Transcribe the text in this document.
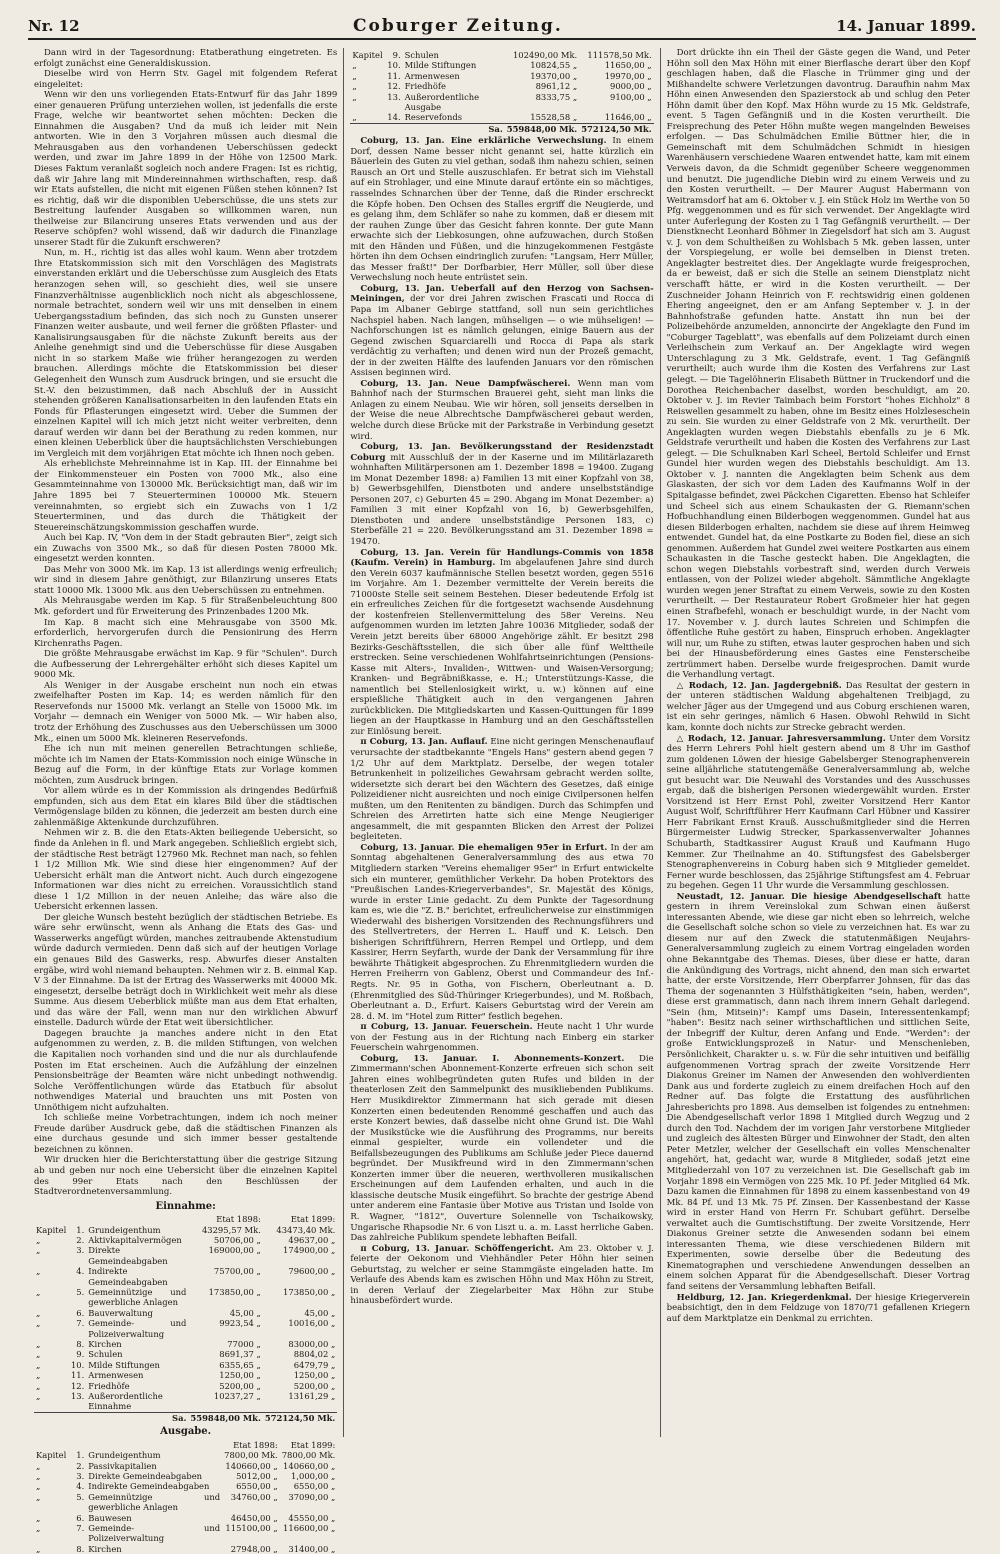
Nr. 12	Coburger Zeitung.	14. Januar 1899.

Dann wird in der Tagesordnung: Etatberathung eingetreten. Es erfolgt zunächst eine Generaldiskussion.

Dieselbe wird von Herrn Stv. Gagel mit folgendem Referat eingeleitet:

Wenn wir den uns vorliegenden Etats-Entwurf für das Jahr 1899 einer genaueren Prüfung unterziehen wollen, ist jedenfalls die erste Frage, welche wir beantwortet sehen möchten: Decken die Einnahmen die Ausgaben? Und da muß ich leider mit Nein antworten. Wie in den 3 Vorjahren müssen auch diesmal die Mehrausgaben aus den vorhandenen Ueberschüssen gedeckt werden, und zwar im Jahre 1899 in der Höhe von 12500 Mark. Dieses Faktum veranlaßt sogleich noch andere Fragen: Ist es richtig, daß wir Jahre lang mit Mindereinnahmen wirthschaften, resp. daß wir Etats aufstellen, die nicht mit eigenen Füßen stehen können? Ist es richtig, daß wir die disponiblen Ueberschüsse, die uns stets zur Bestreitung laufender Ausgaben so willkommen waren, nun theilweise zur Bilancirung unseres Etats verwenden und aus der Reserve schöpfen? wohl wissend, daß wir dadurch die Finanzlage unserer Stadt für die Zukunft erschweren?

Nun, m. H., richtig ist das alles wohl kaum. Wenn aber trotzdem Ihre Etatskommission sich mit den Vorschlägen des Magistrats einverstanden erklärt und die Ueberschüsse zum Ausgleich des Etats heranzogen sehen will, so geschieht dies, weil sie unsere Finanzverhältnisse augenblicklich noch nicht als abgeschlossene, normale betrachtet, sondern weil wir uns mit denselben in einem Uebergangsstadium befinden, das sich noch zu Gunsten unserer Finanzen weiter ausbaute, und weil ferner die größten Pflaster- und Kanalisirungsausgaben für die nächste Zukunft bereits aus der Anleihe genehmigt sind und die Ueberschüsse für diese Ausgaben nicht in so starkem Maße wie früher herangezogen zu werden brauchen. Allerdings möchte die Etatskommission bei dieser Gelegenheit den Wunsch zum Ausdruck bringen, und sie ersucht die St.-V. den beizustimmen, daß nach Abschluß der in Aussicht stehenden größeren Kanalisationsarbeiten in den laufenden Etats ein Fonds für Pflasterungen eingesetzt wird. Ueber die Summen der einzelnen Kapitel will ich mich jetzt nicht weiter verbreiten, denn darauf werden wir dann bei der Berathung zu reden kommen, nur einen kleinen Ueberblick über die hauptsächlichsten Verschiebungen im Vergleich mit dem vorjährigen Etat möchte ich Ihnen noch geben.

Als erheblichste Mehreinnahme ist in Kap. III. der Einnahme bei der Einkommensteuer ein Posten von 7000 Mk., also eine Gesammteinnahme von 130000 Mk. Berücksichtigt man, daß wir im Jahre 1895 bei 7 Steuerterminen 100000 Mk. Steuern vereinnahmten, so ergiebt sich ein Zuwachs von 1 1/2 Steuerterminen, und das durch die Thätigkeit der Steuereinschätzungskommission geschaffen wurde.

Auch bei Kap. IV, "Von dem in der Stadt gebrauten Bier", zeigt sich ein Zuwachs von 3500 Mk., so daß für diesen Posten 78000 Mk. eingesetzt werden konnten.

Das Mehr von 3000 Mk. im Kap. 13 ist allerdings wenig erfreulich; wir sind in diesem Jahre genöthigt, zur Bilanzirung unseres Etats statt 10000 Mk. 13000 Mk. aus den Ueberschüssen zu entnehmen.

Als Mehrausgabe werden im Kap. 5 für Straßenbeleuchtung 800 Mk. gefordert und für Erweiterung des Prinzenbades 1200 Mk.

Im Kap. 8 macht sich eine Mehrausgabe von 3500 Mk. erforderlich, hervorgerufen durch die Pensionirung des Herrn Kirchenraths Pagen.

Die größte Mehrausgabe erwächst im Kap. 9 für "Schulen". Durch die Aufbesserung der Lehrergehälter erhöht sich dieses Kapitel um 9000 Mk.

Als Weniger in der Ausgabe erscheint nun noch ein etwas zweifelhafter Posten im Kap. 14; es werden nämlich für den Reservefonds nur 15000 Mk. verlangt an Stelle von 15000 Mk. im Vorjahr — demnach ein Weniger von 5000 Mk. — Wir haben also, trotz der Erhöhung des Zuschusses aus den Ueberschüssen um 3000 Mk., einen um 5000 Mk. kleineren Reservefonds.

Ehe ich nun mit meinen generellen Betrachtungen schließe, möchte ich im Namen der Etats-Kommission noch einige Wünsche in Bezug auf die Form, in der künftige Etats zur Vorlage kommen möchten, zum Ausdruck bringen.

Vor allem würde es in der Kommission als dringendes Bedürfniß empfunden, sich aus dem Etat ein klares Bild über die städtischen Vermögenslage bilden zu können, die jederzeit am besten durch eine zahlenmäßige Aktenkunde durchzuführen.

Nehmen wir z. B. die den Etats-Akten beiliegende Uebersicht, so finde da Anlehen in fl. und Mark angegeben. Schließlich ergiebt sich, der städtische Rest beträgt 127960 Mk. Rechnet man nach, so fehlen 1 1/2 Million Mk. Wie sind diese hier eingenommen? Auf der Uebersicht erhält man die Antwort nicht. Auch durch eingezogene Informationen war dies nicht zu erreichen. Voraussichtlich stand diese 1 1/2 Million in der neuen Anleihe; das wäre also die Uebersicht erkennen lassen.

Der gleiche Wunsch besteht bezüglich der städtischen Betriebe. Es wäre sehr erwünscht, wenn als Anhang die Etats des Gas- und Wasserwerks angefügt würden, manches zeitraubende Aktenstudium würde dadurch vermieden. Denn daß sich auf der heutigen Vorlage ein genaues Bild des Gaswerks, resp. Abwurfes dieser Anstalten ergäbe, wird wohl niemand behaupten. Nehmen wir z. B. einmal Kap. V 3 der Einnahme. Da ist der Ertrag des Wasserwerks mit 40000 Mk. eingesetzt, derselbe beträgt doch in Wirklichkeit weit mehr als diese Summe. Aus diesem Ueberblick müßte man aus dem Etat erhalten, und das wäre der Fall, wenn man nur den wirklichen Abwurf einstelle. Dadurch würde der Etat weit übersichtlicher.

Dagegen brauchte ja manches andere nicht in den Etat aufgenommen zu werden, z. B. die milden Stiftungen, von welchen die Kapitalien noch vorhanden sind und die nur als durchlaufende Posten im Etat erscheinen. Auch die Aufzählung der einzelnen Pensionsbeiträge der Beamten wäre nicht unbedingt nothwendig. Solche Veröffentlichungen würde das Etatbuch für absolut nothwendiges Material und brauchten uns mit Posten von Unnöthigem nicht aufzuhalten.

Ich schließe meine Vorbetrachtungen, indem ich noch meiner Freude darüber Ausdruck gebe, daß die städtischen Finanzen als eine durchaus gesunde und sich immer besser gestaltende bezeichnen zu können.

Wir drucken hier die Berichterstattung über die gestrige Sitzung ab und geben nur noch eine Uebersicht über die einzelnen Kapitel des 99er Etats nach den Beschlüssen der Stadtverordnetenversammlung.

Einnahme:
			Etat 1898:	Etat 1899:
Kapitel	1.	Grundeigenthum	43295,57 Mk.	43473,40 Mk.
„	2.	Aktivkapitalvermögen	50706,00 „	49637,00 „
„	3.	Direkte Gemeindeabgaben	169000,00 „	174900,00 „
„	4.	Indirekte Gemeindeabgaben	75700,00 „	79600,00 „
„	5.	Gemeinnützige und gewerbliche Anlagen	173850,00 „	173850,00 „
„	6.	Bauverwaltung	45,00 „	45,00 „
„	7.	Gemeinde- und Polizeiverwaltung	9923,54 „	10016,00 „
„	8.	Kirchen	77000 „	83000,00 „
„	9.	Schulen	8691,37 „	8804,02 „
„	10.	Milde Stiftungen	6355,65 „	6479,79 „
„	11.	Armenwesen	1250,00 „	1250,00 „
„	12.	Friedhöfe	5200,00 „	5200,00 „
„	13.	Außerordentliche Einnahme	10237,27 „	13161,29 „
		Sa.	559848,00 Mk.	572124,50 Mk.
Ausgabe.
			Etat 1898:	Etat 1899:
Kapitel	1.	Grundeigenthum	7800,00 Mk.	7800,00 Mk.
„	2.	Passivkapitalien	140660,00 „	140660,00 „
„	3.	Direkte Gemeindeabgaben	5012,00 „	1,000,00 „
„	4.	Indirekte Gemeindeabgaben	6550,00 „	6550,00 „
„	5.	Gemeinnützige und gewerbliche Anlagen	34760,00 „	37090,00 „
„	6.	Bauwesen	46450,00 „	45550,00 „
„	7.	Gemeinde- und Polizeiverwaltung	115100,00 „	116600,00 „
„	8.	Kirchen	27948,00 „	31400,00 „
Kapitel	9.	Schulen	102490,00 Mk.	111578,50 Mk.
„	10.	Milde Stiftungen	10824,55 „	11650,00 „
„	11.	Armenwesen	19370,00 „	19970,00 „
„	12.	Friedhöfe	8961,12 „	9000,00 „
„	13.	Außerordentliche Ausgabe	8333,75 „	9100,00 „
„	14.	Reservefonds	15528,58 „	11646,00 „
		Sa.	559848,00 Mk.	572124,50 Mk.

Coburg, 13. Jan. Eine erklärliche Verwechslung. In einem Dorf, dessen Name besser nicht genannt sei, hatte kürzlich ein Bäuerlein des Guten zu viel gethan, sodaß ihm nahezu schien, seinen Rausch an Ort und Stelle auszuschlafen. Er betrat sich im Viehstall auf ein Strohlager, und eine Minute darauf ertönte ein so mächtiges, rasselndes Schnarchen über der Tenne, daß die Rinder erschreckt die Köpfe hoben. Den Ochsen des Stalles ergriff die Neugierde, und es gelang ihm, dem Schläfer so nahe zu kommen, daß er diesem mit der rauhen Zunge über das Gesicht fahren konnte. Der gute Mann erwachte sich der Liebkosungen, ohne aufzuwachen, durch Stoßen mit den Händen und Füßen, und die hinzugekommenen Festgäste hörten ihn dem Ochsen eindringlich zurufen: "Langsam, Herr Müller, das Messer fraßt!" Der Dorfbarbier, Herr Müller, soll über diese Verwechslung noch heute entrüstet sein.

Coburg, 13. Jan. Ueberfall auf den Herzog von Sachsen-Meiningen, der vor drei Jahren zwischen Frascati und Rocca di Papa im Albaner Gebirge stattfand, soll nun sein gerichtliches Nachspiel haben. Nach langen, mühseligen — o wie mühseligen! — Nachforschungen ist es nämlich gelungen, einige Bauern aus der Gegend zwischen Squarciarelli und Rocca di Papa als stark verdächtig zu verhaften; und denen wird nun der Prozeß gemacht, der in der zweiten Hälfte des laufenden Januars vor den römischen Assisen beginnen wird.

Coburg, 13. Jan. Neue Dampfwäscherei. Wenn man vom Bahnhof nach der Sturmschen Brauerei geht, sieht man links die Anlagen zu einem Neubau. Wie wir hören, soll jenseits derselben in der Weise die neue Albrechtsche Dampfwäscherei gebaut werden, welche durch diese Brücke mit der Parkstraße in Verbindung gesetzt wird.

Coburg, 13. Jan. Bevölkerungsstand der Residenzstadt Coburg mit Ausschluß der in der Kaserne und im Militärlazareth wohnhaften Militärpersonen am 1. Dezember 1898 = 19400. Zugang im Monat Dezember 1898: a) Familien 13 mit einer Kopfzahl von 38, b) Gewerbsgehilfen, Dienstboten und andere unselbstständige Personen 207, c) Geburten 45 = 290. Abgang im Monat Dezember: a) Familien 3 mit einer Kopfzahl von 16, b) Gewerbsgehilfen, Dienstboten und andere unselbstständige Personen 183, c) Sterbefälle 21 = 220. Bevölkerungsstand am 31. Dezember 1898 = 19470.

Coburg, 13. Jan. Verein für Handlungs-Commis von 1858 (Kaufm. Verein) in Hamburg. Im abgelaufenen Jahre sind durch den Verein 6037 kaufmännische Stellen besetzt worden, gegen 5516 im Vorjahre. Am 1. Dezember vermittelte der Verein bereits die 71000ste Stelle seit seinem Bestehen. Dieser bedeutende Erfolg ist ein erfreuliches Zeichen für die fortgesetzt wachsende Ausdehnung der kostenfreien Stellenvermittelung des 58er Vereins. Neu aufgenommen wurden im letzten Jahre 10036 Mitglieder, sodaß der Verein jetzt bereits über 68000 Angehörige zählt. Er besitzt 298 Bezirks-Geschäftsstellen, die sich über alle fünf Welttheile erstrecken. Seine verschiedenen Wohlfahrtseinrichtungen (Pensions-Kasse mit Alters-, Invaliden-, Wittwen- und Waisen-Versorgung; Kranken- und Begräbnißkasse, e. H.; Unterstützungs-Kasse, die namentlich bei Stellenlosigkeit wirkt, u. w.) können auf eine erspießliche Thätigkeit auch in den vergangenen Jahren zurückblicken. Die Mitgliedskarten und Kassen-Quittungen für 1899 liegen an der Hauptkasse in Hamburg und an den Geschäftsstellen zur Einlösung bereit.

π Coburg, 13. Jan. Auflauf. Eine nicht geringen Menschenauflauf verursachte der stadtbekannte "Engels Hans" gestern abend gegen 7 1/2 Uhr auf dem Marktplatz. Derselbe, der wegen totaler Betrunkenheit in polizeiliches Gewahrsam gebracht werden sollte, widersetzte sich derart bei den Wächtern des Gesetzes, daß einige Polizeidiener nicht ausreichten und noch einige Civilpersonen helfen mußten, um den Renitenten zu bändigen. Durch das Schimpfen und Schreien des Arretirten hatte sich eine Menge Neugieriger angesammelt, die mit gespannten Blicken den Arrest der Polizei begleiteten.

Coburg, 13. Januar. Die ehemaligen 95er in Erfurt. In der am Sonntag abgehaltenen Generalversammlung des aus etwa 70 Mitgliedern starken "Vereins ehemaliger 95er" in Erfurt entwickelte sich ein munterer, gemüthlicher Verkehr. Da hoben Protektors des "Preußischen Landes-Kriegerverbandes", Sr. Majestät des Königs, wurde in erster Linie gedacht. Zu dem Punkte der Tagesordnung kam es, wie die "Z. B." berichtet, erfreulicherweise zur einstimmigen Wiederwahl des bisherigen Vorsitzenden des Rechnungsführers und des Stellvertreters, der Herren L. Hauff und K. Leisch. Den bisherigen Schriftführern, Herren Rempel und Ortlepp, und dem Kassirer, Herrn Seyfarth, wurde der Dank der Versammlung für ihre bewährte Thätigkeit abgesprochen. Zu Ehrenmitgliedern wurden die Herren Freiherrn von Gablenz, Oberst und Commandeur des Inf.-Regts. Nr. 95 in Gotha, von Fischern, Oberleutnant a. D. (Ehrenmitglied des Süd-Thüringer Kriegerbundes), und M. Roßbach, Oberleutnant a. D., Erfurt. Kaisers Geburtstag wird der Verein am 28. d. M. im "Hotel zum Ritter" festlich begehen.

π Coburg, 13. Januar. Feuerschein. Heute nacht 1 Uhr wurde von der Festung aus in der Richtung nach Einberg ein starker Feuerschein wahrgenommen.

Coburg, 13. Januar. I. Abonnements-Konzert. Die Zimmermann'schen Abonnement-Konzerte erfreuen sich schon seit Jahren eines wohlbegründeten guten Rufes und bilden in der theaterlosen Zeit den Sammelpunkt des musikliebenden Publikums. Herr Musikdirektor Zimmermann hat sich gerade mit diesen Konzerten einen bedeutenden Renommé geschaffen und auch das erste Konzert bewies, daß dasselbe nicht ohne Grund ist. Die Wahl der Musikstücke wie die Ausführung des Programms, nur bereits einmal gespielter, wurde ein vollendeter und die Beifallsbezeugungen des Publikums am Schluße jeder Piece dauernd begründet. Der Musikfreund wird in den Zimmermann'schen Konzerten immer über die neueren, werthvolleren musikalischen Erscheinungen auf dem Laufenden erhalten, und auch in die klassische deutsche Musik eingeführt. So brachte der gestrige Abend unter anderem eine Fantasie über Motive aus Tristan und Isolde von R. Wagner, "1812", Ouverture Solennelle von Tschaikowsky, Ungarische Rhapsodie Nr. 6 von Liszt u. a. m. Lasst herrliche Gaben. Das zahlreiche Publikum spendete lebhaften Beifall.

π Coburg, 13. Januar. Schöffengericht. Am 23. Oktober v. J. feierte der Oekonom und Viehhändler Peter Höhn hier seinen Geburtstag, zu welcher er seine Stammgäste eingeladen hatte. Im Verlaufe des Abends kam es zwischen Höhn und Max Höhn zu Streit, in deren Verlauf der Ziegelarbeiter Max Höhn zur Stube hinausbefördert wurde.

Dort drückte ihn ein Theil der Gäste gegen die Wand, und Peter Höhn soll den Max Höhn mit einer Bierflasche derart über den Kopf geschlagen haben, daß die Flasche in Trümmer ging und der Mißhandelte schwere Verletzungen davontrug. Daraufhin nahm Max Höhn einen Anwesenden den Spazierstock ab und schlug den Peter Höhn damit über den Kopf. Max Höhn wurde zu 15 Mk. Geldstrafe, event. 5 Tagen Gefängniß und in die Kosten verurtheilt. Die Freisprechung des Peter Höhn mußte wegen mangelnden Beweises erfolgen. — Das Schulmädchen Emilie Büttner hier, die in Gemeinschaft mit dem Schulmädchen Schmidt in hiesigen Warenhäusern verschiedene Waaren entwendet hatte, kam mit einem Verweis davon, da die Schmidt gegenüber Scheere weggenommen und benutzt. Die jugendliche Diebin wird zu einem Verweis und zu den Kosten verurtheilt. — Der Maurer August Habermann von Weitramsdorf hat am 6. Oktober v. J. ein Stück Holz im Werthe von 50 Pfg. weggenommen und es für sich verwendet. Der Angeklagte wird unter Auferlegung der Kosten zu 1 Tag Gefängniß verurtheilt. — Der Dienstknecht Leonhard Böhmer in Ziegelsdorf hat sich am 3. August v. J. von dem Schultheißen zu Wohlsbach 5 Mk. geben lassen, unter der Vorspiegelung, er wolle bei demselben in Dienst treten. Angeklagter bestreitet dies. Der Angeklagte wurde freigesprochen, da er beweist, daß er sich die Stelle an seinem Dienstplatz nicht verschafft hätte, er wird in die Kosten verurtheilt. — Der Zuschneider Johann Heinrich von F. rechtswidrig einen goldenen Ehering angeeignet, den er am Anfang September v. J. in der Bahnhofstraße gefunden hatte. Anstatt ihn nun bei der Polizeibehörde anzumelden, annoncirte der Angeklagte den Fund im "Coburger Tageblatt", was ebenfalls auf dem Polizeiamt durch einen Verleihschein zum Verkauf an. Der Angeklagte wird wegen Unterschlagung zu 3 Mk. Geldstrafe, event. 1 Tag Gefängniß verurtheilt; auch wurde ihm die Kosten des Verfahrens zur Last gelegt. — Die Tagelöhnerin Elisabeth Büttner in Truckendorf und die Dorothea Reichenbacher daselbst, worden beschuldigt, am 20. Oktober v. J. im Revier Taimbach beim Forstort "hohes Eichholz" 8 Reiswellen gesammelt zu haben, ohne im Besitz eines Holzleseschein zu sein. Sie wurden zu einer Geldstrafe von 2 Mk. verurtheilt. Der Angeklagten wurden wegen Diebstahls ebenfalls zu je 6 Mk. Geldstrafe verurtheilt und haben die Kosten des Verfahrens zur Last gelegt. — Die Schulknaben Karl Scheel, Bertold Schleifer und Ernst Gundel hier wurden wegen des Diebstahls beschuldigt. Am 13. Oktober v. J. nannten die Angeklagten beim Schenk aus dem Glaskasten, der sich vor dem Laden des Kaufmanns Wolf in der Spitalgasse befindet, zwei Päckchen Cigaretten. Ebenso hat Schleifer und Scheel sich aus einem Schaukasten der G. Riemann'schen Hofbuchhandlung einen Bilderbogen weggenommen. Gundel hat aus diesen Bilderbogen erhalten, nachdem sie diese auf ihrem Heimweg entwendet. Gundel hat, da eine Postkarte zu Boden fiel, diese an sich genommen. Außerdem hat Gundel zwei weitere Postkarten aus einem Schaukasten in die Tasche gesteckt haben. Die Angeklagten, die schon wegen Diebstahls vorbestraft sind, werden durch Verweis entlassen, von der Polizei wieder abgeholt. Sämmtliche Angeklagte wurden wegen jener Straftat zu einem Verweis, sowie zu den Kosten verurtheilt. — Der Restaurateur Robert Großmeier hier hat gegen einen Strafbefehl, wonach er beschuldigt wurde, in der Nacht vom 17. November v. J. durch lautes Schreien und Schimpfen die öffentliche Ruhe gestört zu haben, Einspruch erhoben. Angeklagter will nur, um Ruhe zu stiften, etwas lauter gesprochen haben und sich bei der Hinausbeförderung eines Gastes eine Fensterscheibe zertrümmert haben. Derselbe wurde freigesprochen. Damit wurde die Verhandlung vertagt.

△ Rodach, 12. Jan. Jagdergebniß. Das Resultat der gestern in der unteren städtischen Waldung abgehaltenen Treibjagd, zu welcher Jäger aus der Umgegend und aus Coburg erschienen waren, ist ein sehr geringes, nämlich 6 Hasen. Obwohl Rehwild in Sicht kam, konnte doch nichts zur Strecke gebracht werden.

△ Rodach, 12. Januar. Jahresversammlung. Unter dem Vorsitz des Herrn Lehrers Pohl hielt gestern abend um 8 Uhr im Gasthof zum goldenen Löwen der hiesige Gabelsberger Stenographenverein seine alljährliche statutengemäße Generalversammlung ab, welche gut besucht war. Die Neuwahl des Vorstandes und des Ausschusses ergab, daß die bisherigen Personen wiedergewählt wurden. Erster Vorsitzend ist Herr Ernst Pohl, zweiter Vorsitzend Herr Kantor August Wolf, Schriftführer Herr Kaufmann Carl Hübner und Kassirer Herr Fabrikant Ernst Krauß. Ausschußmitglieder sind die Herren Bürgermeister Ludwig Strecker, Sparkassenverwalter Johannes Schubarth, Stadtkassirer August Krauß und Kaufmann Hugo Kemmer. Zur Theilnahme an 40. Stiftungsfest des Gabelsberger Stenographenvereins in Coburg haben sich 9 Mitglieder gemeldet. Ferner wurde beschlossen, das 25jährige Stiftungsfest am 4. Februar zu begehen. Gegen 11 Uhr wurde die Versammlung geschlossen.

Neustadt, 12. Januar. Die hiesige Abendgesellschaft hatte gestern in ihrem Vereinslokal zum Schwan einen äußerst interessanten Abende, wie diese gar nicht eben so lehrreich, welche die Gesellschaft solche schon so viele zu verzeichnen hat. Es war zu diesem nur auf den Zweck die statutenmäßigen Neujahrs-Generalversammlung zugleich zu einem Vortrag eingeladen worden ohne Bekanntgabe des Themas. Dieses, über diese er hatte, daran die Ankündigung des Vortrags, nicht ahnend, den man sich erwartet hatte, der erste Vorsitzende, Herr Oberpfarrer Johnsen, für das das Thema der sogenannten 3 Hülfsthätigkeiten "sein, haben, werden", diese erst grammatisch, dann nach ihrem innern Gehalt darlegend. "Sein (hm, Mitsein)": Kampf ums Dasein, Interessentenkampf; "haben": Besitz nach seiner wirthschaftlichen und sittlichen Seite, der Inbegriff der Kultur, deren Anfang und Ende. "Werden": der große Entwicklungsprozeß in Natur- und Menschenleben, Persönlichkeit, Charakter u. s. w. Für die sehr intuitiven und beifällig aufgenommenen Vortrag sprach der zweite Vorsitzende Herr Diakonus Greiner im Namen der Anwesenden den wohlverdienten Dank aus und forderte zugleich zu einem dreifachen Hoch auf den Redner auf. Das folgte die Erstattung des ausführlichen Jahresberichts pro 1898. Aus demselben ist folgendes zu entnehmen: Die Abendgesellschaft verlor 1898 1 Mitglied durch Wegzug und 2 durch den Tod. Nachdem der im vorigen Jahr verstorbene Mitglieder und zugleich des ältesten Bürger und Einwohner der Stadt, den alten Peter Metzler, welcher der Gesellschaft ein volles Menschenalter angehört, hat, gedacht war, wurde 8 Mitglieder, sodaß jetzt eine Mitgliederzahl von 107 zu verzeichnen ist. Die Gesellschaft gab im Vorjahr 1898 ein Vermögen von 225 Mk. 10 Pf. Jeder Mitglied 64 Mk. Dazu kamen die Einnahmen für 1898 zu einem kassenbestand von 49 Mk. 84 Pf. und 13 Mk. 75 Pf. Zinsen. Der Kassenbestand der Kasse wird in erster Hand von Herrn Fr. Schubart geführt. Derselbe verwaltet auch die Gumtischstiftung. Der zweite Vorsitzende, Herr Diakonus Greiner setzte die Anwesenden sodann bei einem interessanten Thema, wie diese verschiedenen Bildern mit Experimenten, sowie derselbe über die Bedeutung des Kinematographen und verschiedene Anwendungen desselben an einem solchen Apparat für die Abendgesellschaft. Dieser Vortrag fand seitens der Versammlung lebhaften Beifall.

Heldburg, 12. Jan. Kriegerdenkmal. Der hiesige Kriegerverein beabsichtigt, den in dem Feldzuge von 1870/71 gefallenen Kriegern auf dem Marktplatze ein Denkmal zu errichten.
